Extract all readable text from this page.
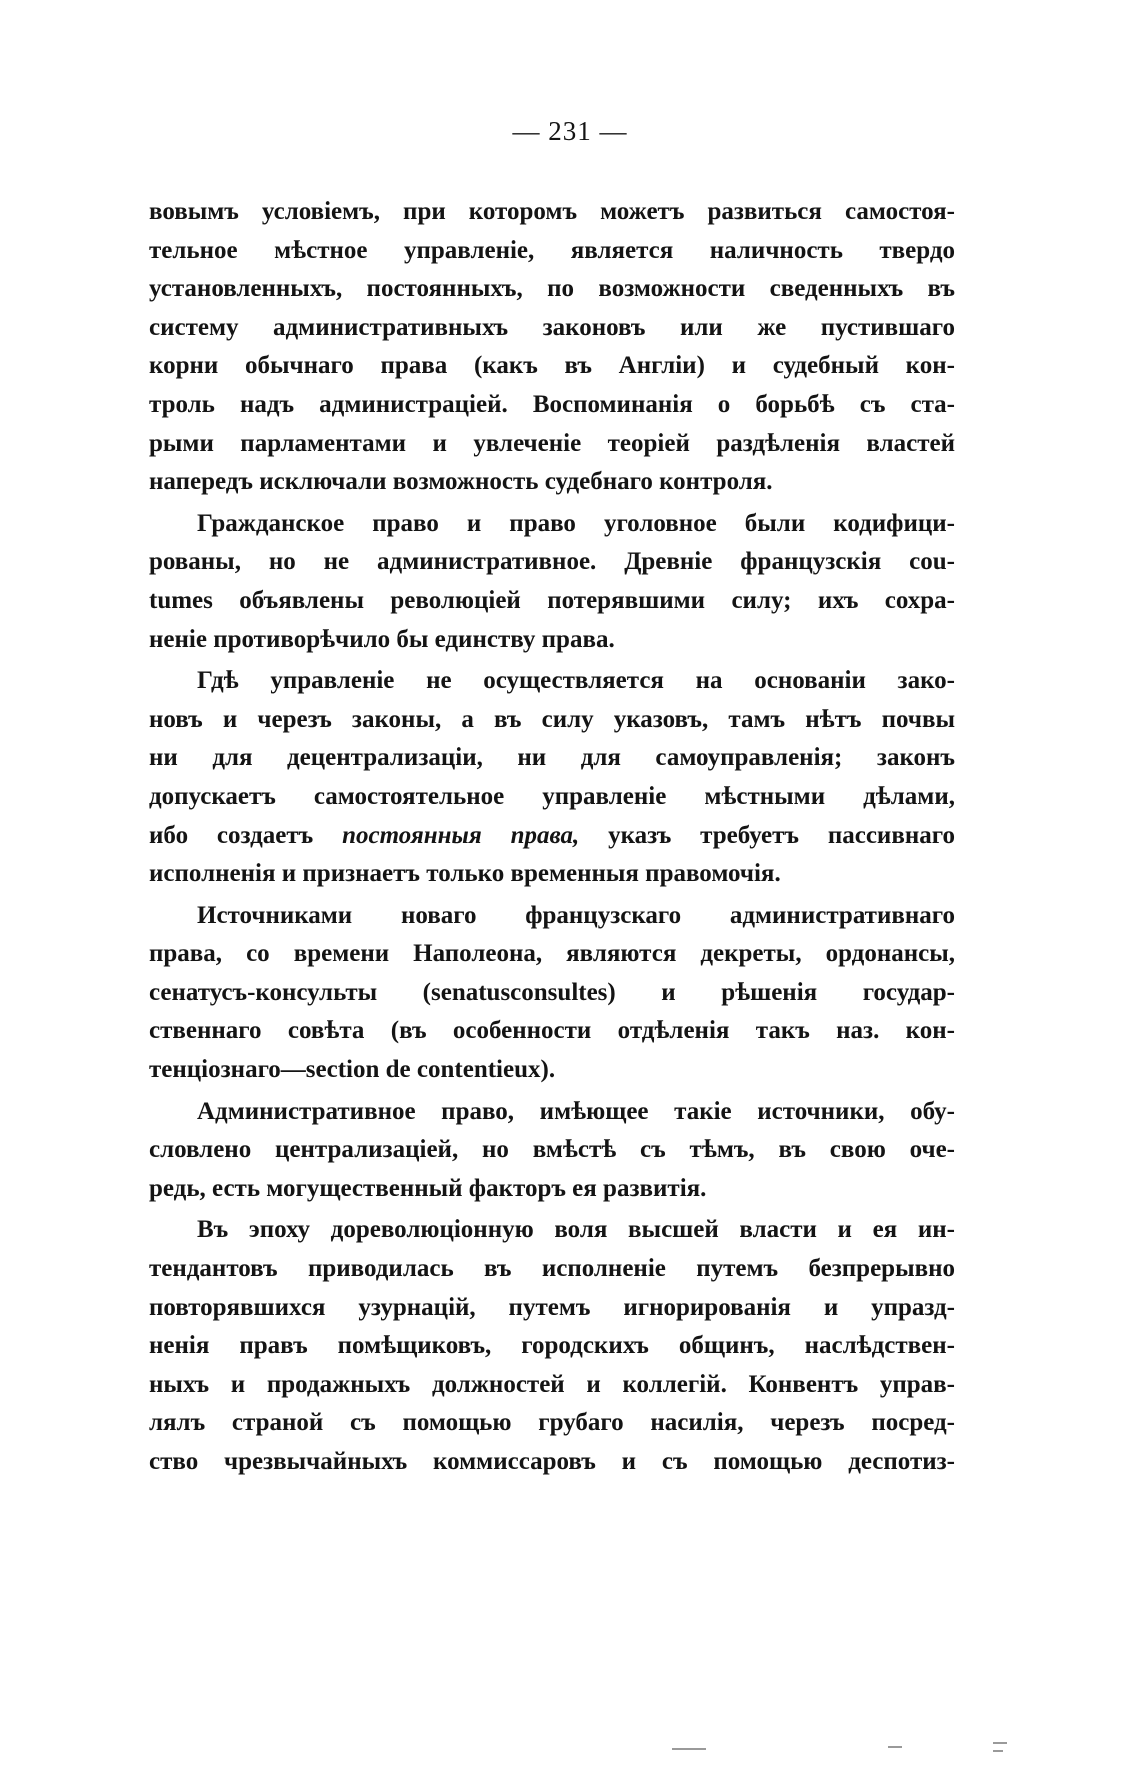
— 231 —
вовымъ условіемъ, при которомъ можетъ развиться самостоя-
тельное мѣстное управленіе, является наличность твердо
установленныхъ, постоянныхъ, по возможности сведенныхъ въ
систему административныхъ законовъ или же пустившаго
корни обычнаго права (какъ въ Англіи) и судебный кон-
троль надъ администраціей. Воспоминанія о борьбѣ съ ста-
рыми парламентами и увлеченіе теоріей раздѣленія властей
напередъ исключали возможность судебнаго контроля.
Гражданское право и право уголовное были кодифици-
рованы, но не административное. Древніе французскія cou-
tumes объявлены революціей потерявшими силу; ихъ сохра-
неніе противорѣчило бы единству права.
Гдѣ управленіе не осуществляется на основаніи зако-
новъ и черезъ законы, а въ силу указовъ, тамъ нѣтъ почвы
ни для децентрализаціи, ни для самоуправленія; законъ
допускаетъ самостоятельное управленіе мѣстными дѣлами,
ибо создаетъ постоянныя права, указъ требуетъ пассивнаго
исполненія и признаетъ только временныя правомочія.
Источниками новаго французскаго административнаго
права, со времени Наполеона, являются декреты, ордонансы,
сенатусъ-консульты (senatusconsultes) и рѣшенія государ-
ственнаго совѣта (въ особенности отдѣленія такъ наз. кон-
тенціознаго—section de contentieux).
Административное право, имѣющее такіе источники, обу-
словлено централизаціей, но вмѣстѣ съ тѣмъ, въ свою оче-
редь, есть могущественный факторъ ея развитія.
Въ эпоху дореволюціонную воля высшей власти и ея ин-
тендантовъ приводилась въ исполненіе путемъ безпрерывно
повторявшихся узурнацій, путемъ игнорированія и упразд-
ненія правъ помѣщиковъ, городскихъ общинъ, наслѣдствен-
ныхъ и продажныхъ должностей и коллегій. Конвентъ управ-
лялъ страной съ помощью грубаго насилія, черезъ посред-
ство чрезвычайныхъ коммиссаровъ и съ помощью деспотиз-
